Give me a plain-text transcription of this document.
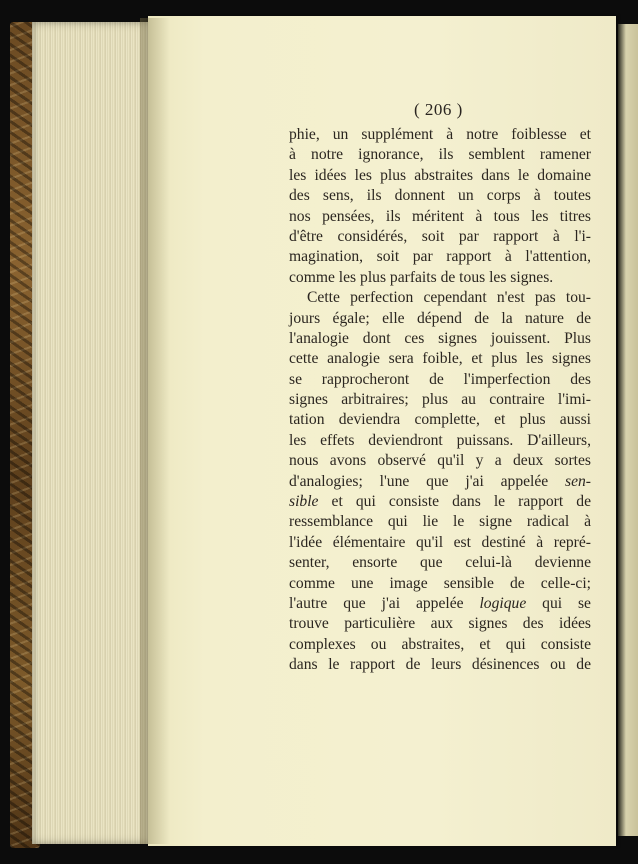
( 206 )
phie, un supplément à notre foiblesse et
à notre ignorance, ils semblent ramener
les idées les plus abstraites dans le domaine
des sens, ils donnent un corps à toutes
nos pensées, ils méritent à tous les titres
d'être considérés, soit par rapport à l'i-
magination, soit par rapport à l'attention,
comme les plus parfaits de tous les signes.
Cette perfection cependant n'est pas tou-
jours égale; elle dépend de la nature de
l'analogie dont ces signes jouissent. Plus
cette analogie sera foible, et plus les signes
se rapprocheront de l'imperfection des
signes arbitraires; plus au contraire l'imi-
tation deviendra complette, et plus aussi
les effets deviendront puissans. D'ailleurs,
nous avons observé qu'il y a deux sortes
d'analogies; l'une que j'ai appelée sen-
sible et qui consiste dans le rapport de
ressemblance qui lie le signe radical à
l'idée élémentaire qu'il est destiné à repré-
senter, ensorte que celui-là devienne
comme une image sensible de celle-ci;
l'autre que j'ai appelée logique qui se
trouve particulière aux signes des idées
complexes ou abstraites, et qui consiste
dans le rapport de leurs désinences ou de
